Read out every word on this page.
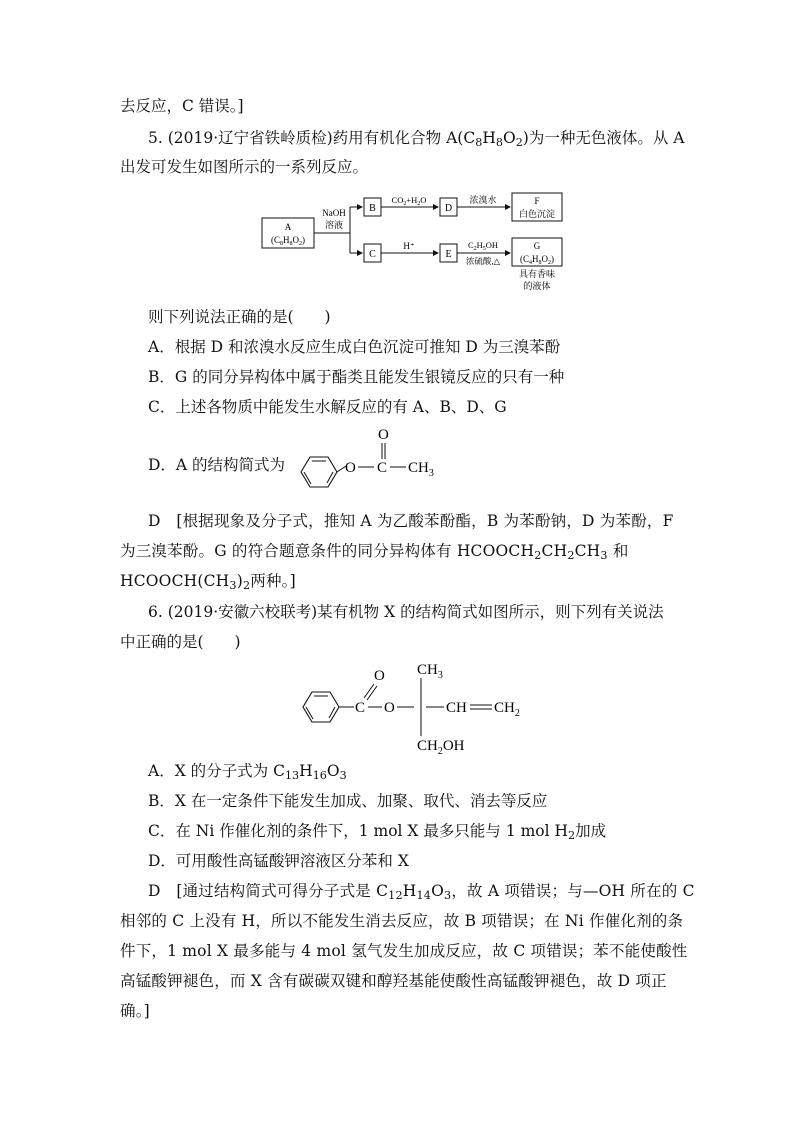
去反应，C 错误。]
5. (2019·辽宁省铁岭质检)药用有机化合物 $A(C_8H_8O_2)$为一种无色液体。从 A
出发可发生如图所示的一系列反应。
A
$(C_8H_8O_2)$
NaOH
溶液
B
C
$CO_2+H_2O$
D
浓溴水	F
白色沉淀
H⁺
E
$C_2H_5OH$
浓硫酸,△
G
$(C_4H_8O_2)$
具有香味
的液体
则下列说法正确的是(　　)
A．根据 D 和浓溴水反应生成白色沉淀可推知 D 为三溴苯酚
B．G 的同分异构体中属于酯类且能发生银镜反应的只有一种
C．上述各物质中能发生水解反应的有 A、B、D、G
D．A 的结构简式为	O C
O
$CH_3$
D　[根据现象及分子式，推知 A 为乙酸苯酚酯，B 为苯酚钠，D 为苯酚，F
为三溴苯酚。G 的符合题意条件的同分异构体有 $HCOOCH_2CH_2CH_3$ 和
$HCOOCH(CH_3)_2$两种。]
6. (2019·安徽六校联考)某有机物 X 的结构简式如图所示，则下列有关说法
中正确的是(　　)
C
O
O
$CH_3$
CH $CH_2$
$CH_2OH$
A．X 的分子式为 $C_{13}H_{16}O_3$
B．X 在一定条件下能发生加成、加聚、取代、消去等反应
C．在 Ni 作催化剂的条件下，1 mol X 最多只能与 1 mol $H_2$加成
D．可用酸性高锰酸钾溶液区分苯和 X
D　[通过结构简式可得分子式是 $C_{12}H_{14}O_3$，故 A 项错误；与—OH 所在的 C
相邻的 C 上没有 H，所以不能发生消去反应，故 B 项错误；在 Ni 作催化剂的条
件下，1 mol X 最多能与 4 mol 氢气发生加成反应，故 C 项错误；苯不能使酸性
高锰酸钾褪色，而 X 含有碳碳双键和醇羟基能使酸性高锰酸钾褪色，故 D 项正
确。]
